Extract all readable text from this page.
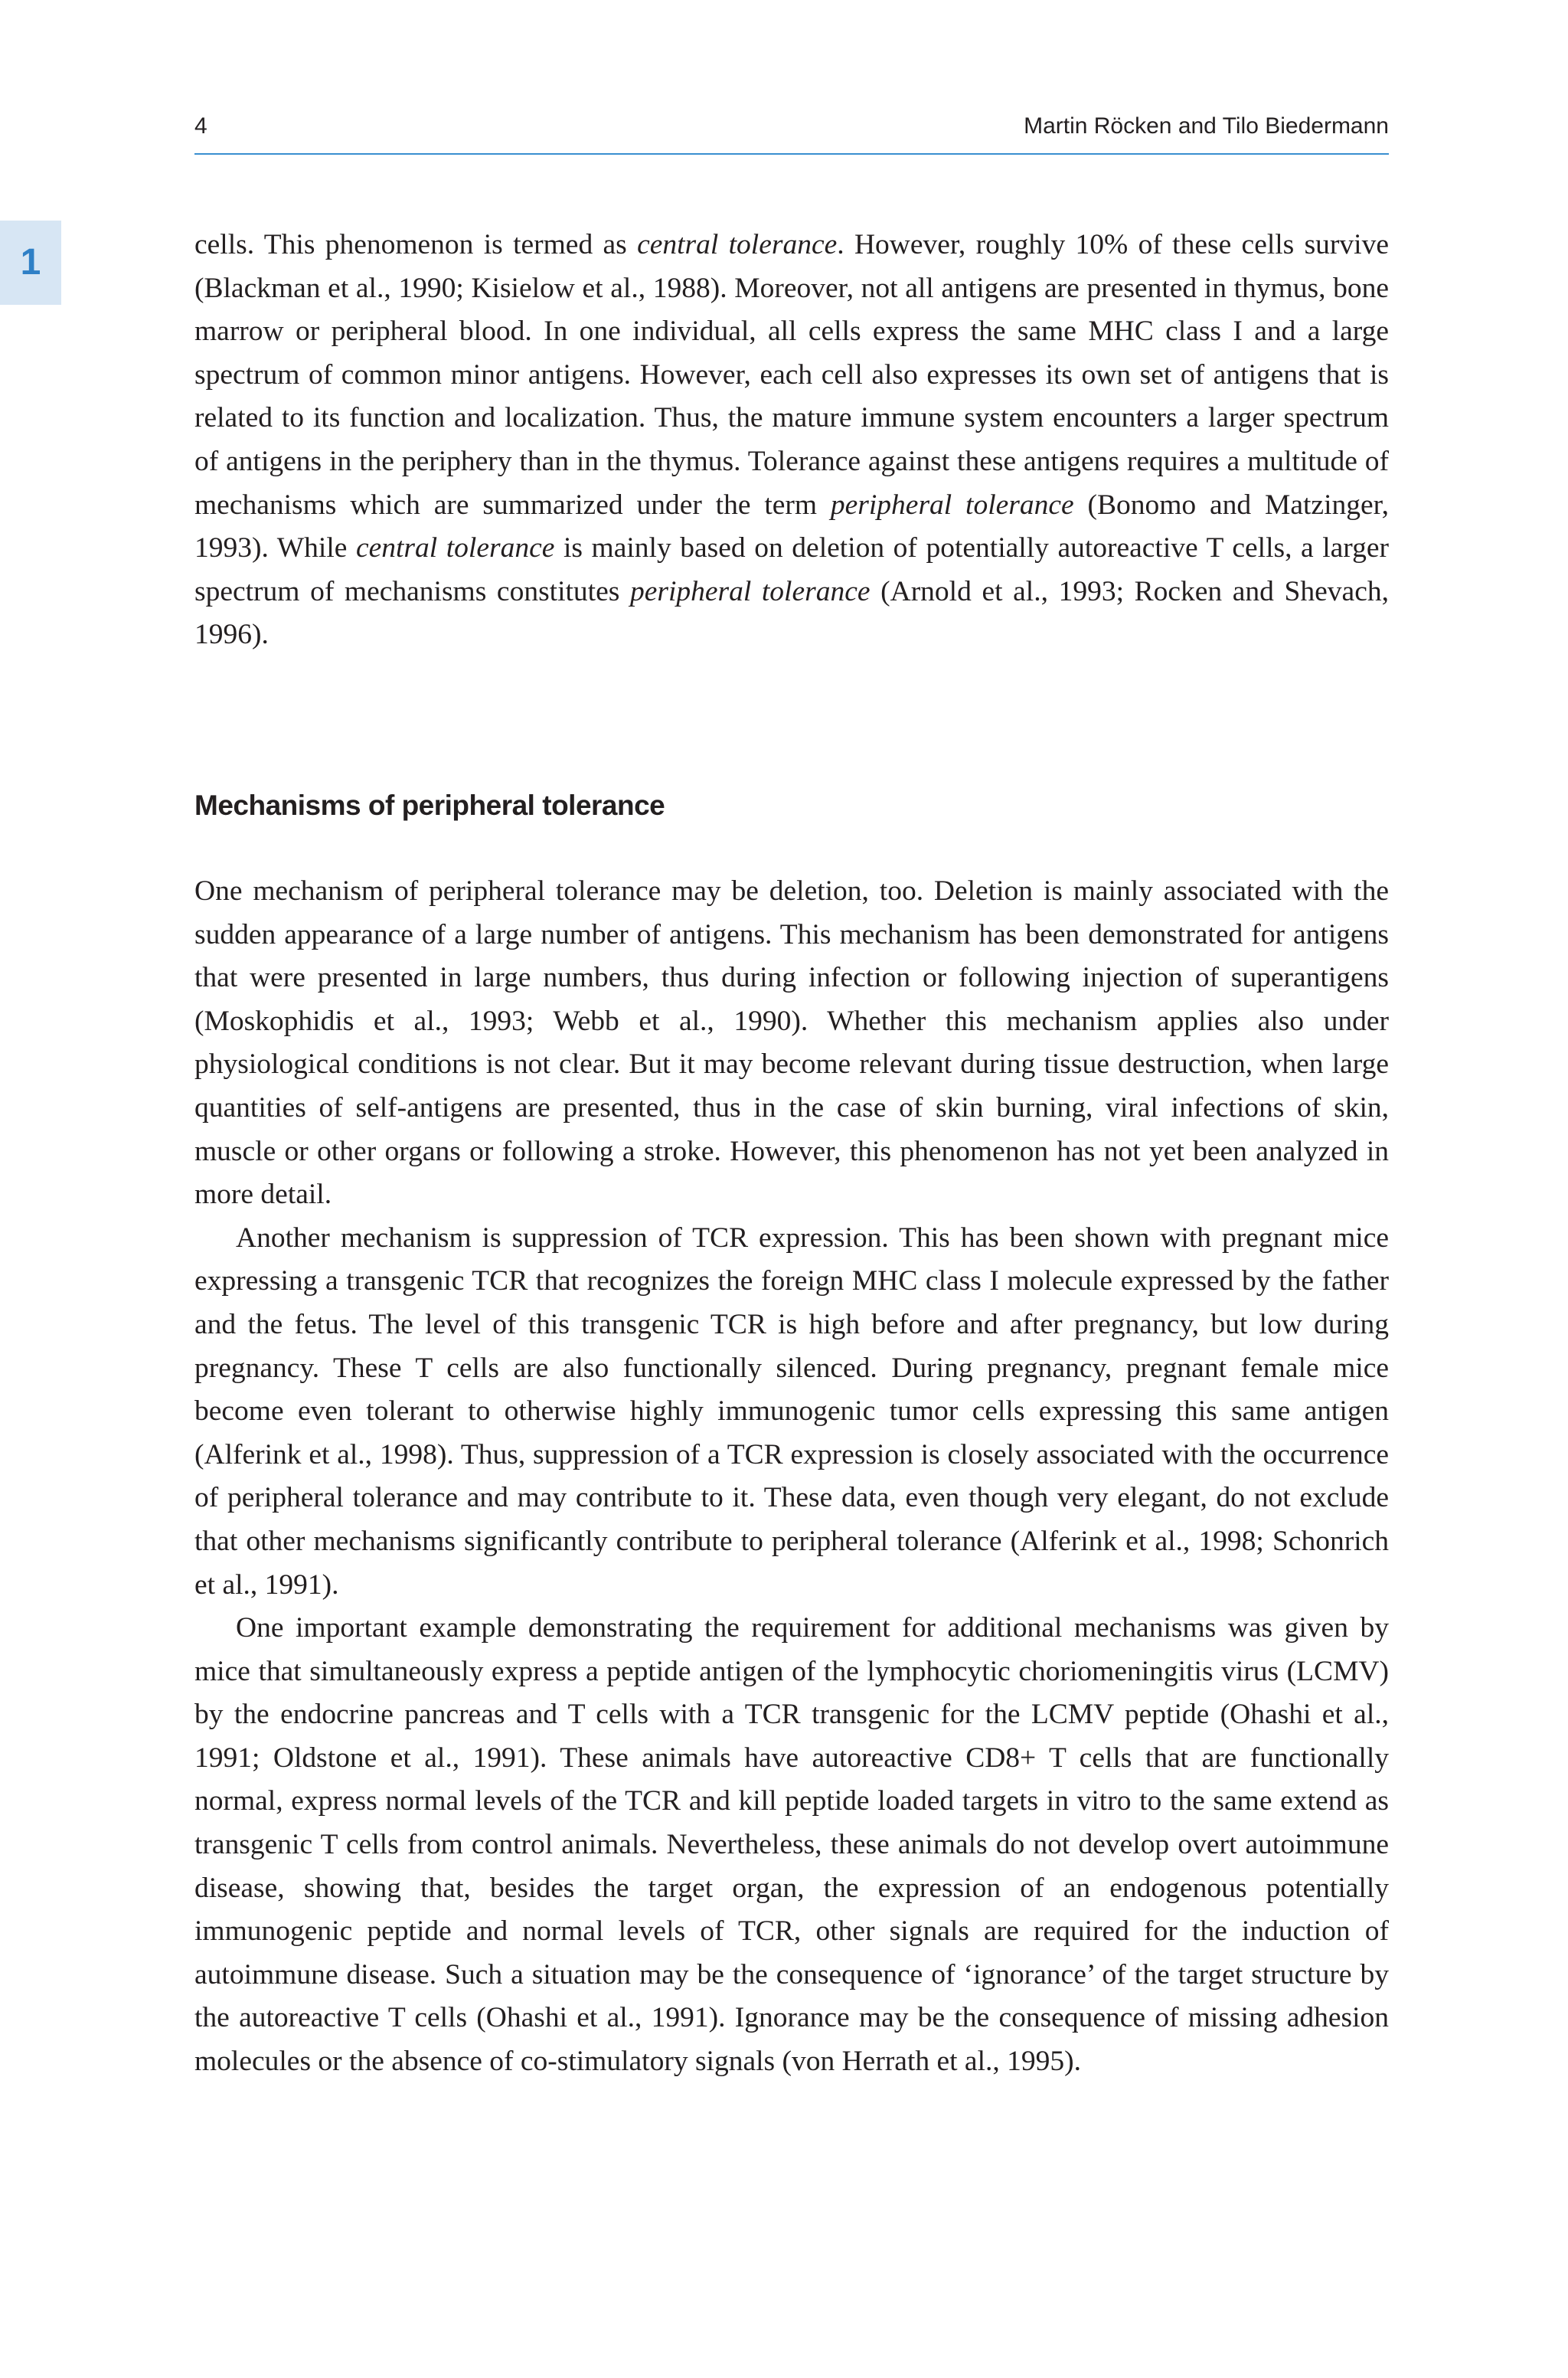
4	Martin Röcken and Tilo Biedermann
1	cells. This phenomenon is termed as central tolerance. However, roughly 10% of these cells survive (Blackman et al., 1990; Kisielow et al., 1988). Moreover, not all antigens are presented in thymus, bone marrow or peripheral blood. In one individual, all cells express the same MHC class I and a large spectrum of common minor antigens. However, each cell also expresses its own set of antigens that is related to its function and localization. Thus, the mature immune system encounters a larger spectrum of antigens in the periphery than in the thymus. Tolerance against these antigens requires a multitude of mechanisms which are summarized under the term peripheral tolerance (Bonomo and Matzinger, 1993). While central tolerance is mainly based on deletion of potentially autoreactive T cells, a larger spectrum of mechanisms constitutes peripheral tolerance (Arnold et al., 1993; Rocken and Shevach, 1996).

Mechanisms of peripheral tolerance

One mechanism of peripheral tolerance may be deletion, too. Deletion is mainly associated with the sudden appearance of a large number of antigens. This mechanism has been demonstrated for antigens that were presented in large numbers, thus during infection or following injection of superantigens (Moskophidis et al., 1993; Webb et al., 1990). Whether this mechanism applies also under physiological conditions is not clear. But it may become relevant during tissue destruction, when large quantities of self-antigens are presented, thus in the case of skin burning, viral infections of skin, muscle or other organs or following a stroke. However, this phenomenon has not yet been analyzed in more detail.

Another mechanism is suppression of TCR expression. This has been shown with pregnant mice expressing a transgenic TCR that recognizes the foreign MHC class I molecule expressed by the father and the fetus. The level of this transgenic TCR is high before and after pregnancy, but low during pregnancy. These T cells are also functionally silenced. During pregnancy, pregnant female mice become even tolerant to otherwise highly immunogenic tumor cells expressing this same antigen (Alferink et al., 1998). Thus, suppression of a TCR expression is closely associated with the occurrence of peripheral tolerance and may contribute to it. These data, even though very elegant, do not exclude that other mechanisms significantly contribute to peripheral tolerance (Alferink et al., 1998; Schonrich et al., 1991).

One important example demonstrating the requirement for additional mechanisms was given by mice that simultaneously express a peptide antigen of the lymphocytic choriomeningitis virus (LCMV) by the endocrine pancreas and T cells with a TCR transgenic for the LCMV peptide (Ohashi et al., 1991; Oldstone et al., 1991). These animals have autoreactive CD8+ T cells that are functionally normal, express normal levels of the TCR and kill peptide loaded targets in vitro to the same extend as transgenic T cells from control animals. Nevertheless, these animals do not develop overt autoimmune disease, showing that, besides the target organ, the expression of an endogenous potentially immunogenic peptide and normal levels of TCR, other signals are required for the induction of autoimmune disease. Such a situation may be the consequence of ‘ignorance’ of the target structure by the autoreactive T cells (Ohashi et al., 1991). Ignorance may be the consequence of missing adhesion molecules or the absence of co-stimulatory signals (von Herrath et al., 1995).
